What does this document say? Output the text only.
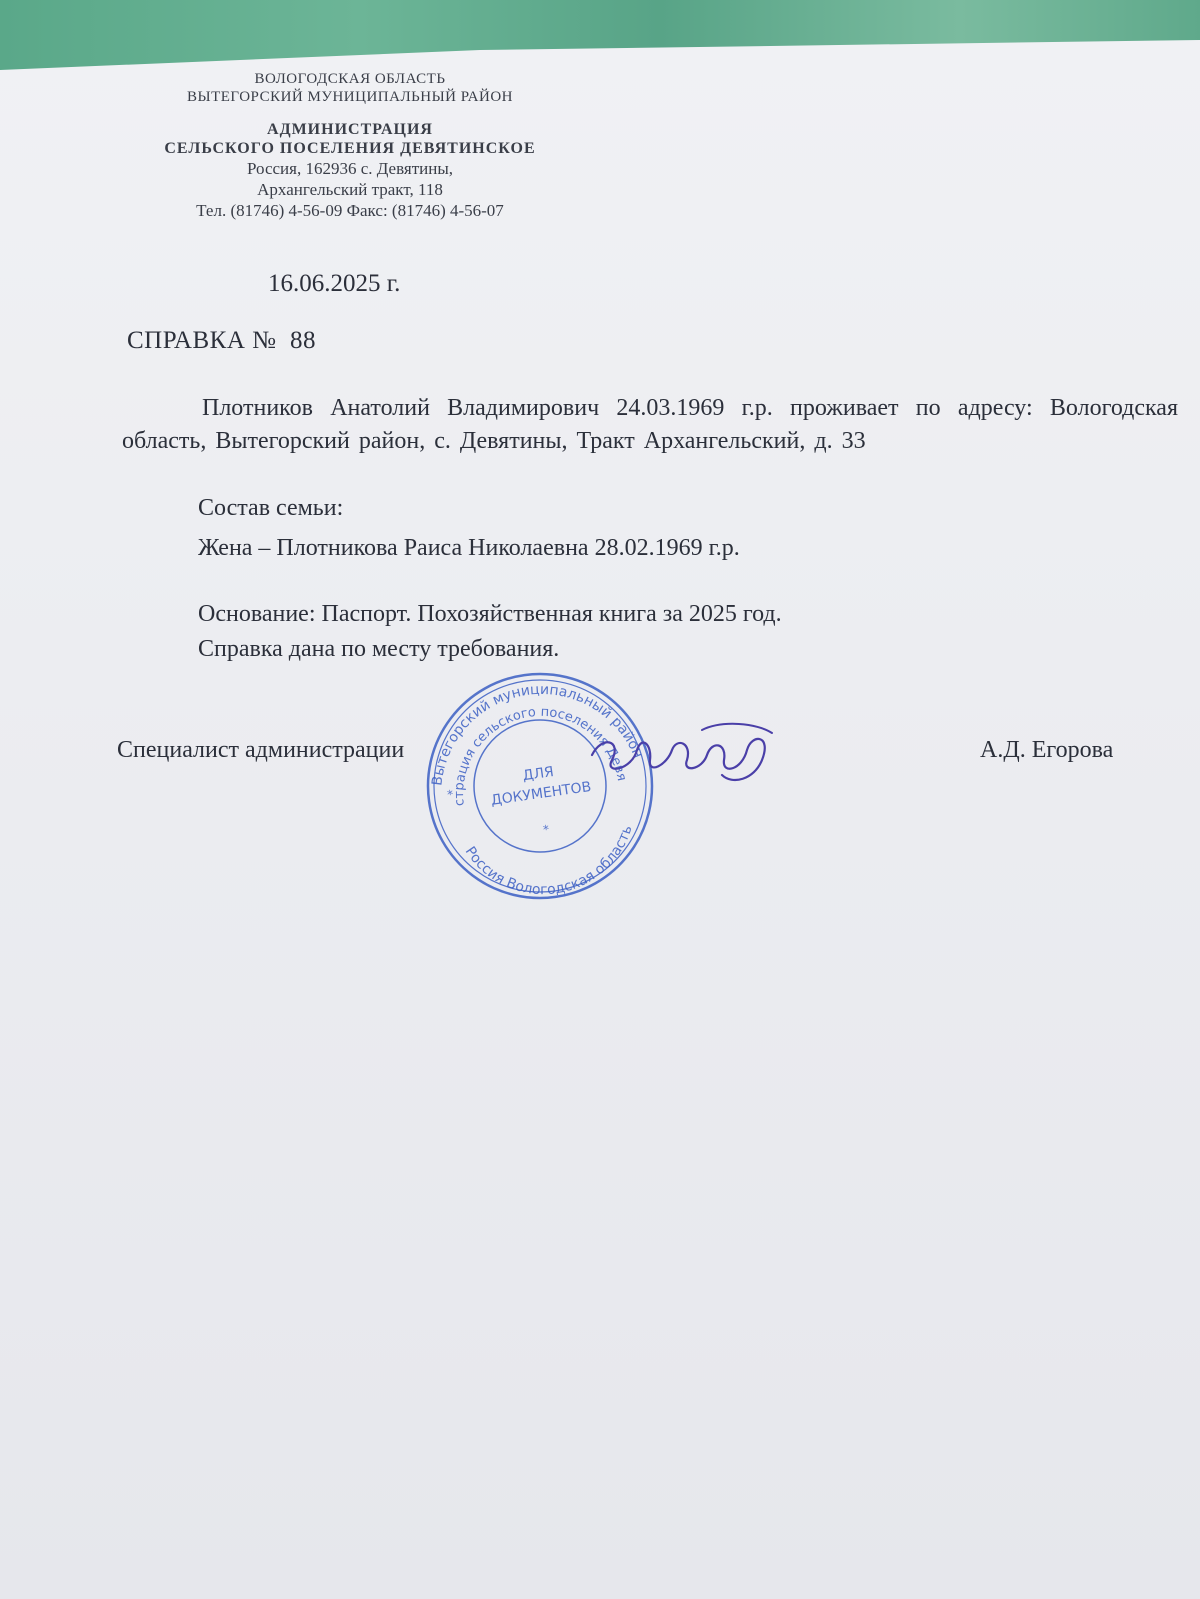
ВОЛОГОДСКАЯ ОБЛАСТЬ
ВЫТЕГОРСКИЙ МУНИЦИПАЛЬНЫЙ РАЙОН
АДМИНИСТРАЦИЯ
СЕЛЬСКОГО ПОСЕЛЕНИЯ ДЕВЯТИНСКОЕ
Россия, 162936 с. Девятины,
Архангельский тракт, 118
Тел. (81746) 4-56-09 Факс: (81746) 4-56-07
16.06.2025 г.
СПРАВКА №  88
Плотников Анатолий Владимирович 24.03.1969 г.р. проживает по адресу: Вологодская область, Вытегорский район, с. Девятины, Тракт Архангельский, д. 33
Состав семьи:
Жена – Плотникова Раиса Николаевна 28.02.1969 г.р.
Основание: Паспорт. Похозяйственная книга за 2025 год.
Справка дана по месту требования.
Специалист администрации	А.Д. Егорова
Вытегорский муниципальный район
Администрация сельского поселения Девятинское
Россия Вологодская область
ДЛЯ
ДОКУМЕНТОВ
*
*
